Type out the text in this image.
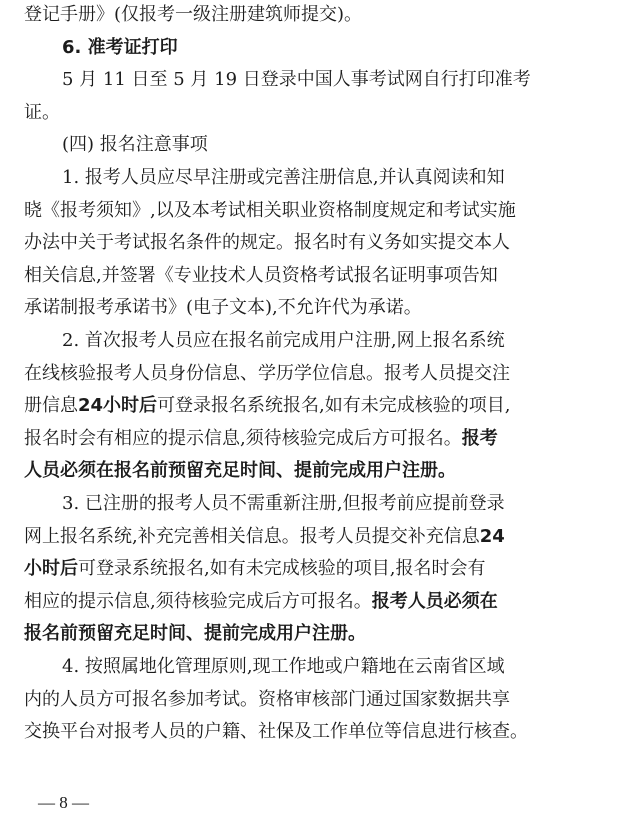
登记手册》(仅报考一级注册建筑师提交)。
6. 准考证打印
5 月 11 日至 5 月 19 日登录中国人事考试网自行打印准考
证。
(四) 报名注意事项
1. 报考人员应尽早注册或完善注册信息,并认真阅读和知
晓《报考须知》,以及本考试相关职业资格制度规定和考试实施
办法中关于考试报名条件的规定。报名时有义务如实提交本人
相关信息,并签署《专业技术人员资格考试报名证明事项告知
承诺制报考承诺书》(电子文本),不允许代为承诺。
2. 首次报考人员应在报名前完成用户注册,网上报名系统
在线核验报考人员身份信息、学历学位信息。报考人员提交注
册信息24小时后可登录报名系统报名,如有未完成核验的项目,
报名时会有相应的提示信息,须待核验完成后方可报名。报考
人员必须在报名前预留充足时间、提前完成用户注册。
3. 已注册的报考人员不需重新注册,但报考前应提前登录
网上报名系统,补充完善相关信息。报考人员提交补充信息24
小时后可登录系统报名,如有未完成核验的项目,报名时会有
相应的提示信息,须待核验完成后方可报名。报考人员必须在
报名前预留充足时间、提前完成用户注册。
— 8 —
4. 按照属地化管理原则,现工作地或户籍地在云南省区域
内的人员方可报名参加考试。资格审核部门通过国家数据共享
交换平台对报考人员的户籍、社保及工作单位等信息进行核查。
